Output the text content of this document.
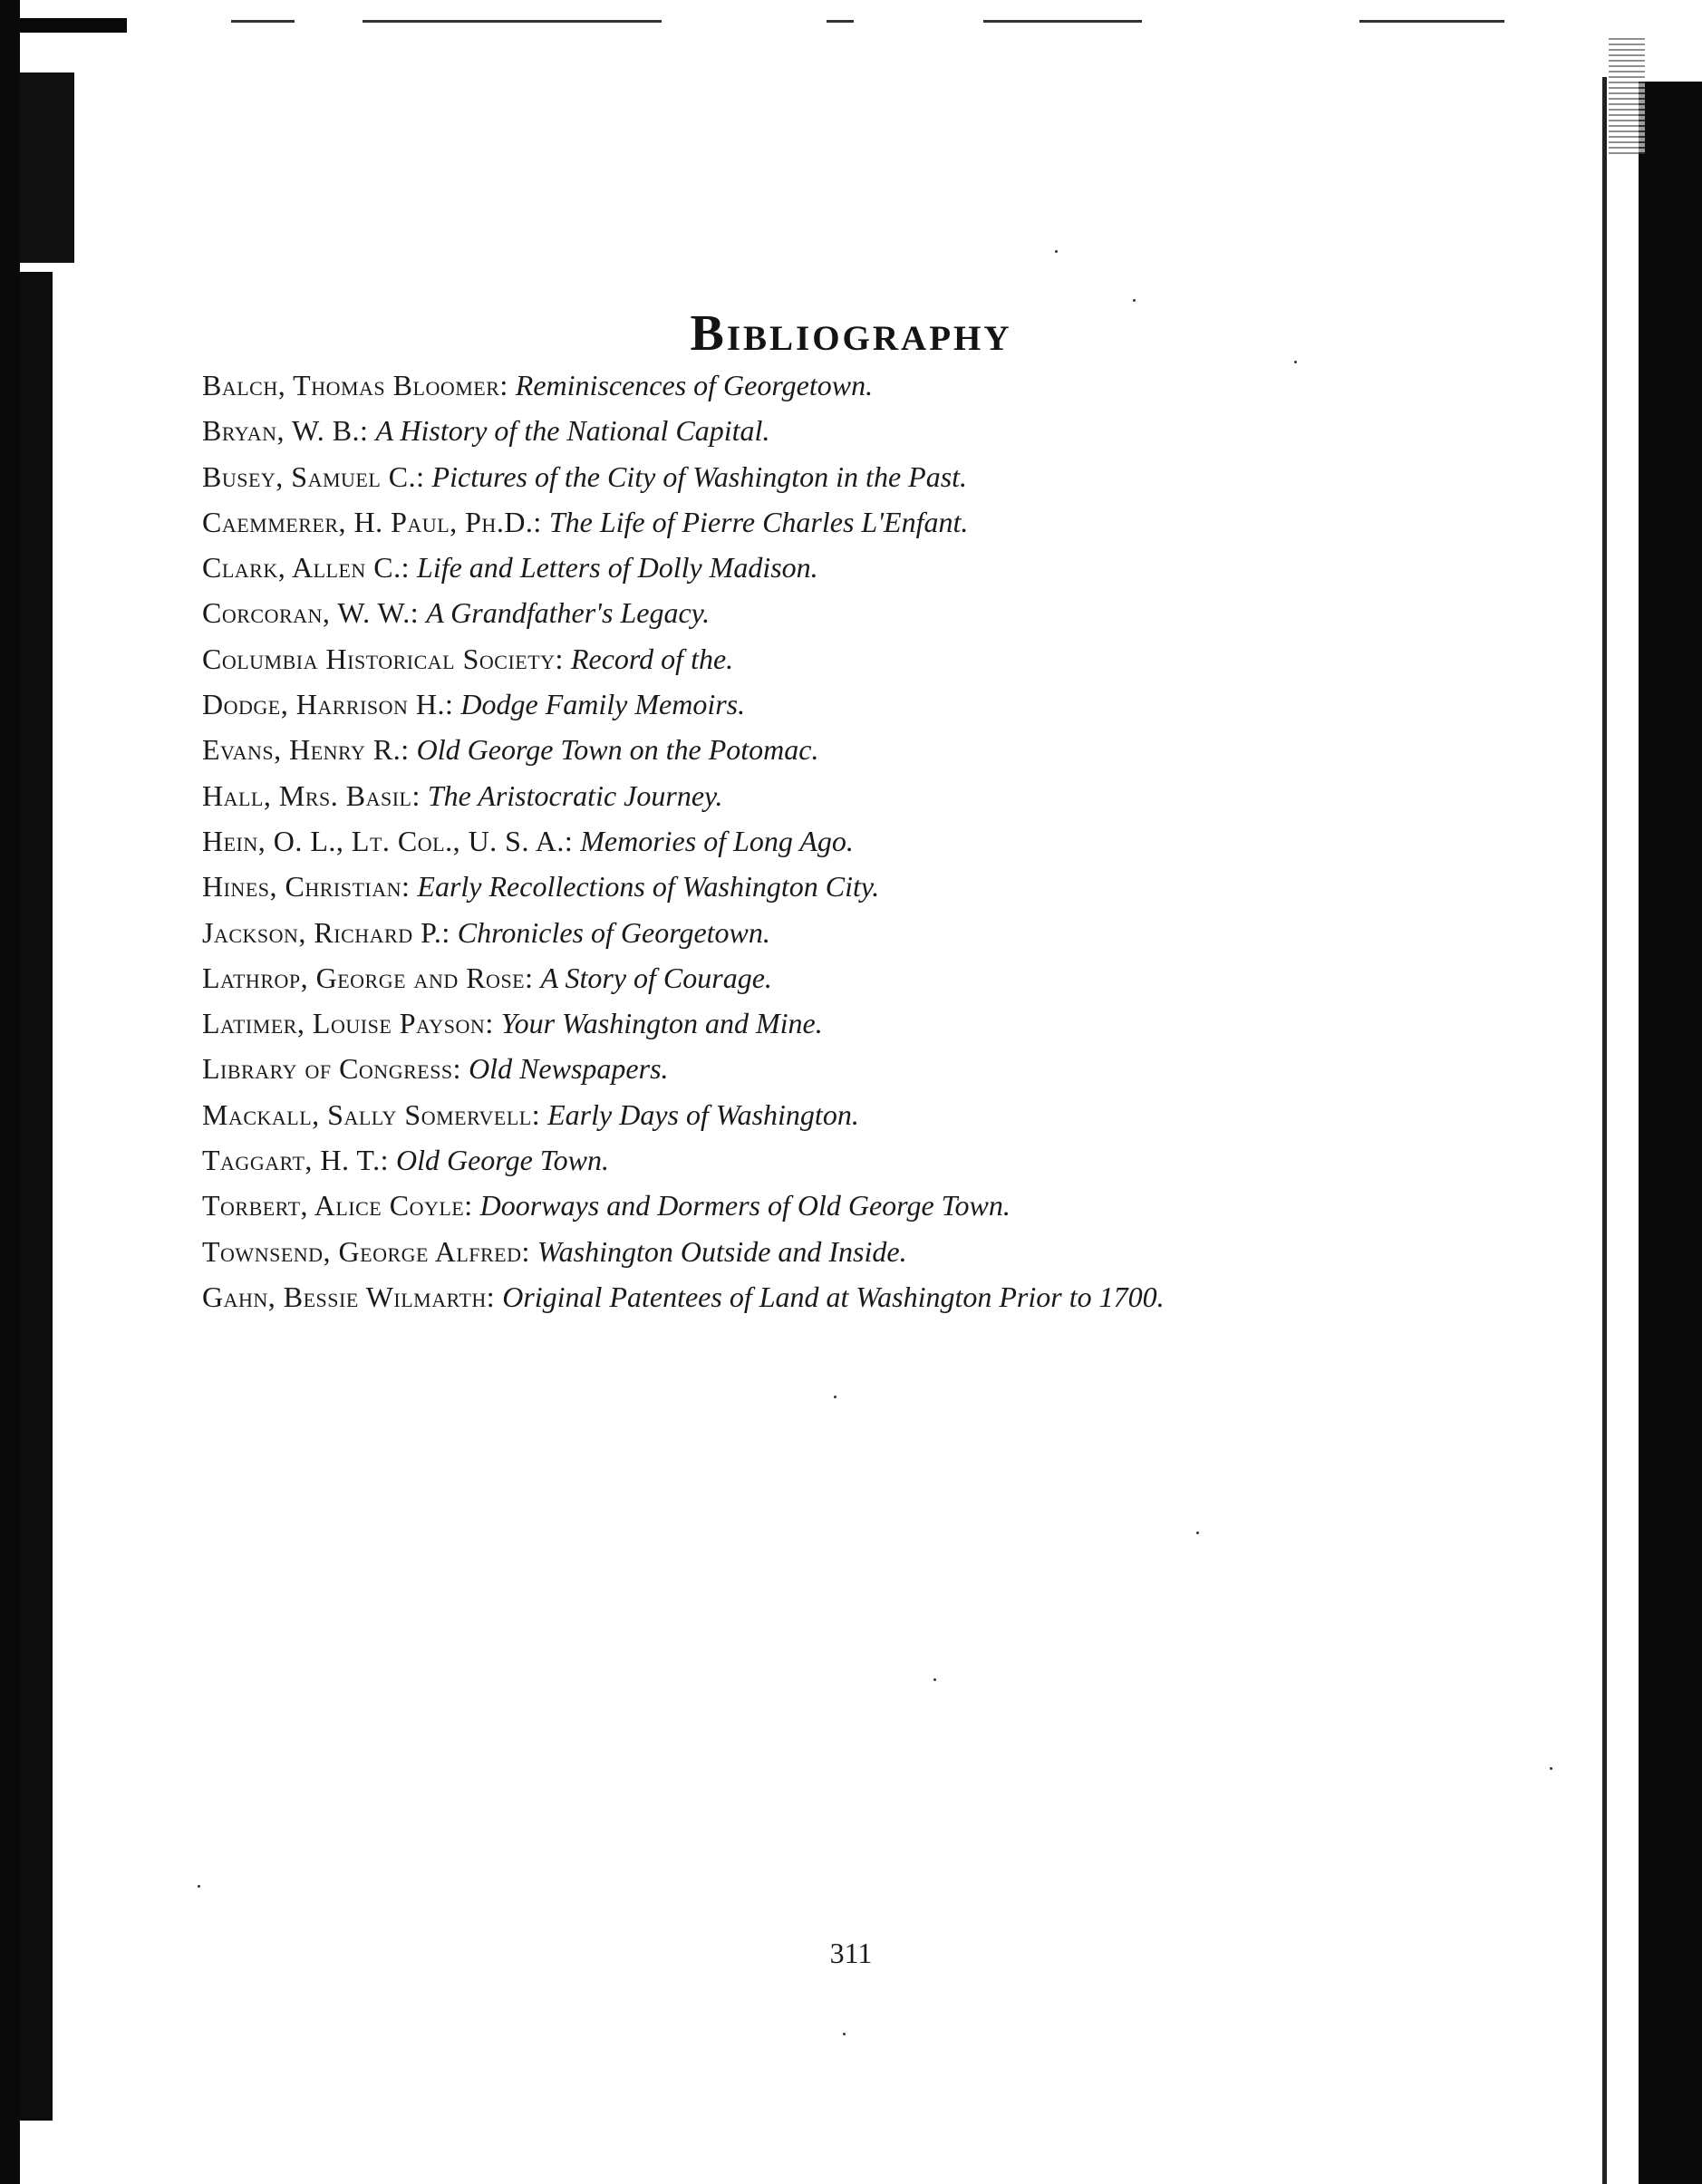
Bibliography
Balch, Thomas Bloomer: Reminiscences of Georgetown.
Bryan, W. B.: A History of the National Capital.
Busey, Samuel C.: Pictures of the City of Washington in the Past.
Caemmerer, H. Paul, Ph.D.: The Life of Pierre Charles L'Enfant.
Clark, Allen C.: Life and Letters of Dolly Madison.
Corcoran, W. W.: A Grandfather's Legacy.
Columbia Historical Society: Record of the.
Dodge, Harrison H.: Dodge Family Memoirs.
Evans, Henry R.: Old George Town on the Potomac.
Hall, Mrs. Basil: The Aristocratic Journey.
Hein, O. L., Lt. Col., U. S. A.: Memories of Long Ago.
Hines, Christian: Early Recollections of Washington City.
Jackson, Richard P.: Chronicles of Georgetown.
Lathrop, George and Rose: A Story of Courage.
Latimer, Louise Payson: Your Washington and Mine.
Library of Congress: Old Newspapers.
Mackall, Sally Somervell: Early Days of Washington.
Taggart, H. T.: Old George Town.
Torbert, Alice Coyle: Doorways and Dormers of Old George Town.
Townsend, George Alfred: Washington Outside and Inside.
Gahn, Bessie Wilmarth: Original Patentees of Land at Washington Prior to 1700.
311
